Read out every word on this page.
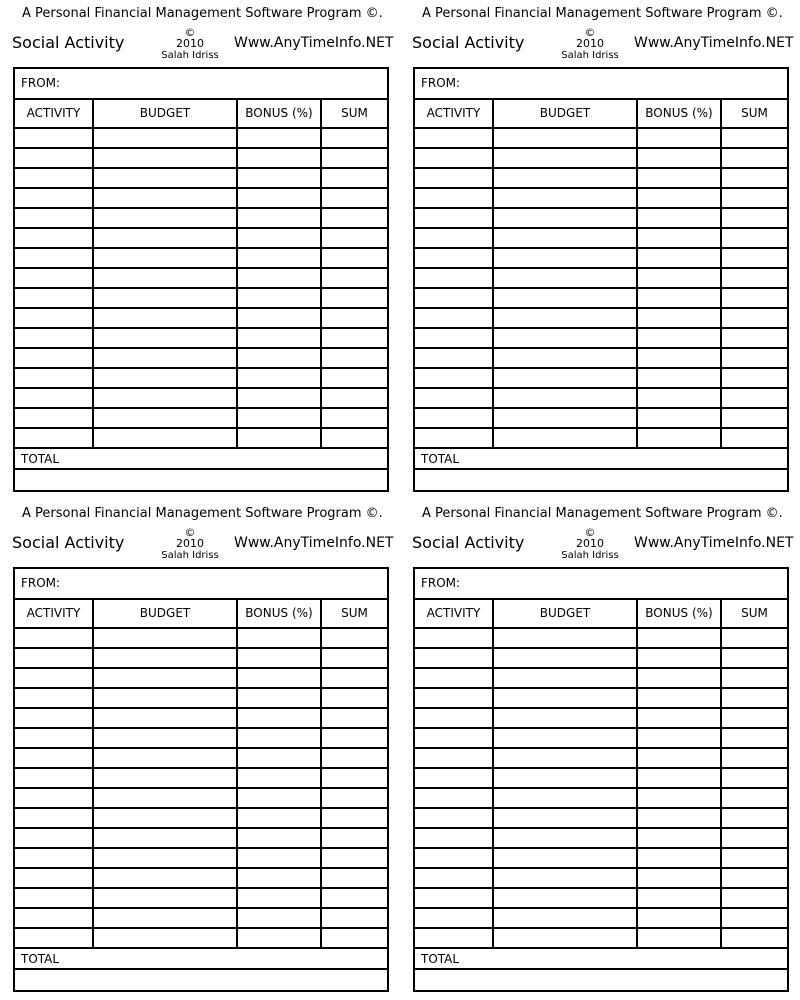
A Personal Financial Management Software Program ©.
Social Activity
©
2010
Salah Idriss
Www.AnyTimeInfo.NET
FROM:
ACTIVITY	BUDGET	BONUS (%)	SUM
TOTAL
A Personal Financial Management Software Program ©.
Social Activity
©
2010
Salah Idriss
Www.AnyTimeInfo.NET
FROM:
ACTIVITY	BUDGET	BONUS (%)	SUM
TOTAL
A Personal Financial Management Software Program ©.
Social Activity
©
2010
Salah Idriss
Www.AnyTimeInfo.NET
FROM:
ACTIVITY	BUDGET	BONUS (%)	SUM
TOTAL
A Personal Financial Management Software Program ©.
Social Activity
©
2010
Salah Idriss
Www.AnyTimeInfo.NET
FROM:
ACTIVITY	BUDGET	BONUS (%)	SUM
TOTAL
